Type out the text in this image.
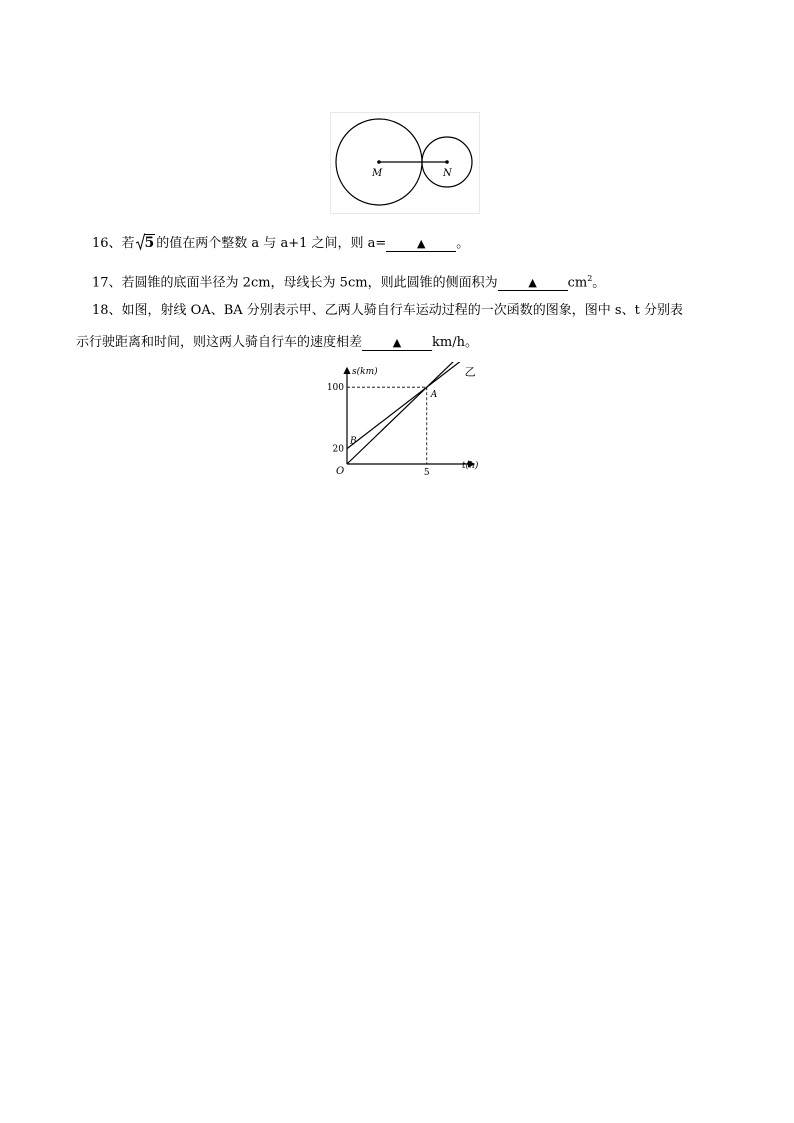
M	N
16、若 5 的值在两个整数 a 与 a+1 之间，则 a=	▲ 。
17、若圆锥的底面半径为 2cm，母线长为 5cm，则此圆锥的侧面积为	▲ $cm^2$。
18、如图，射线 OA、BA 分别表示甲、乙两人骑自行车运动过程的一次函数的图象，图中 s、t 分别表
示行驶距离和时间，则这两人骑自行车的速度相差	▲ km/h。
乙
20
100
5
O
s(km)
t(h)
A
B
